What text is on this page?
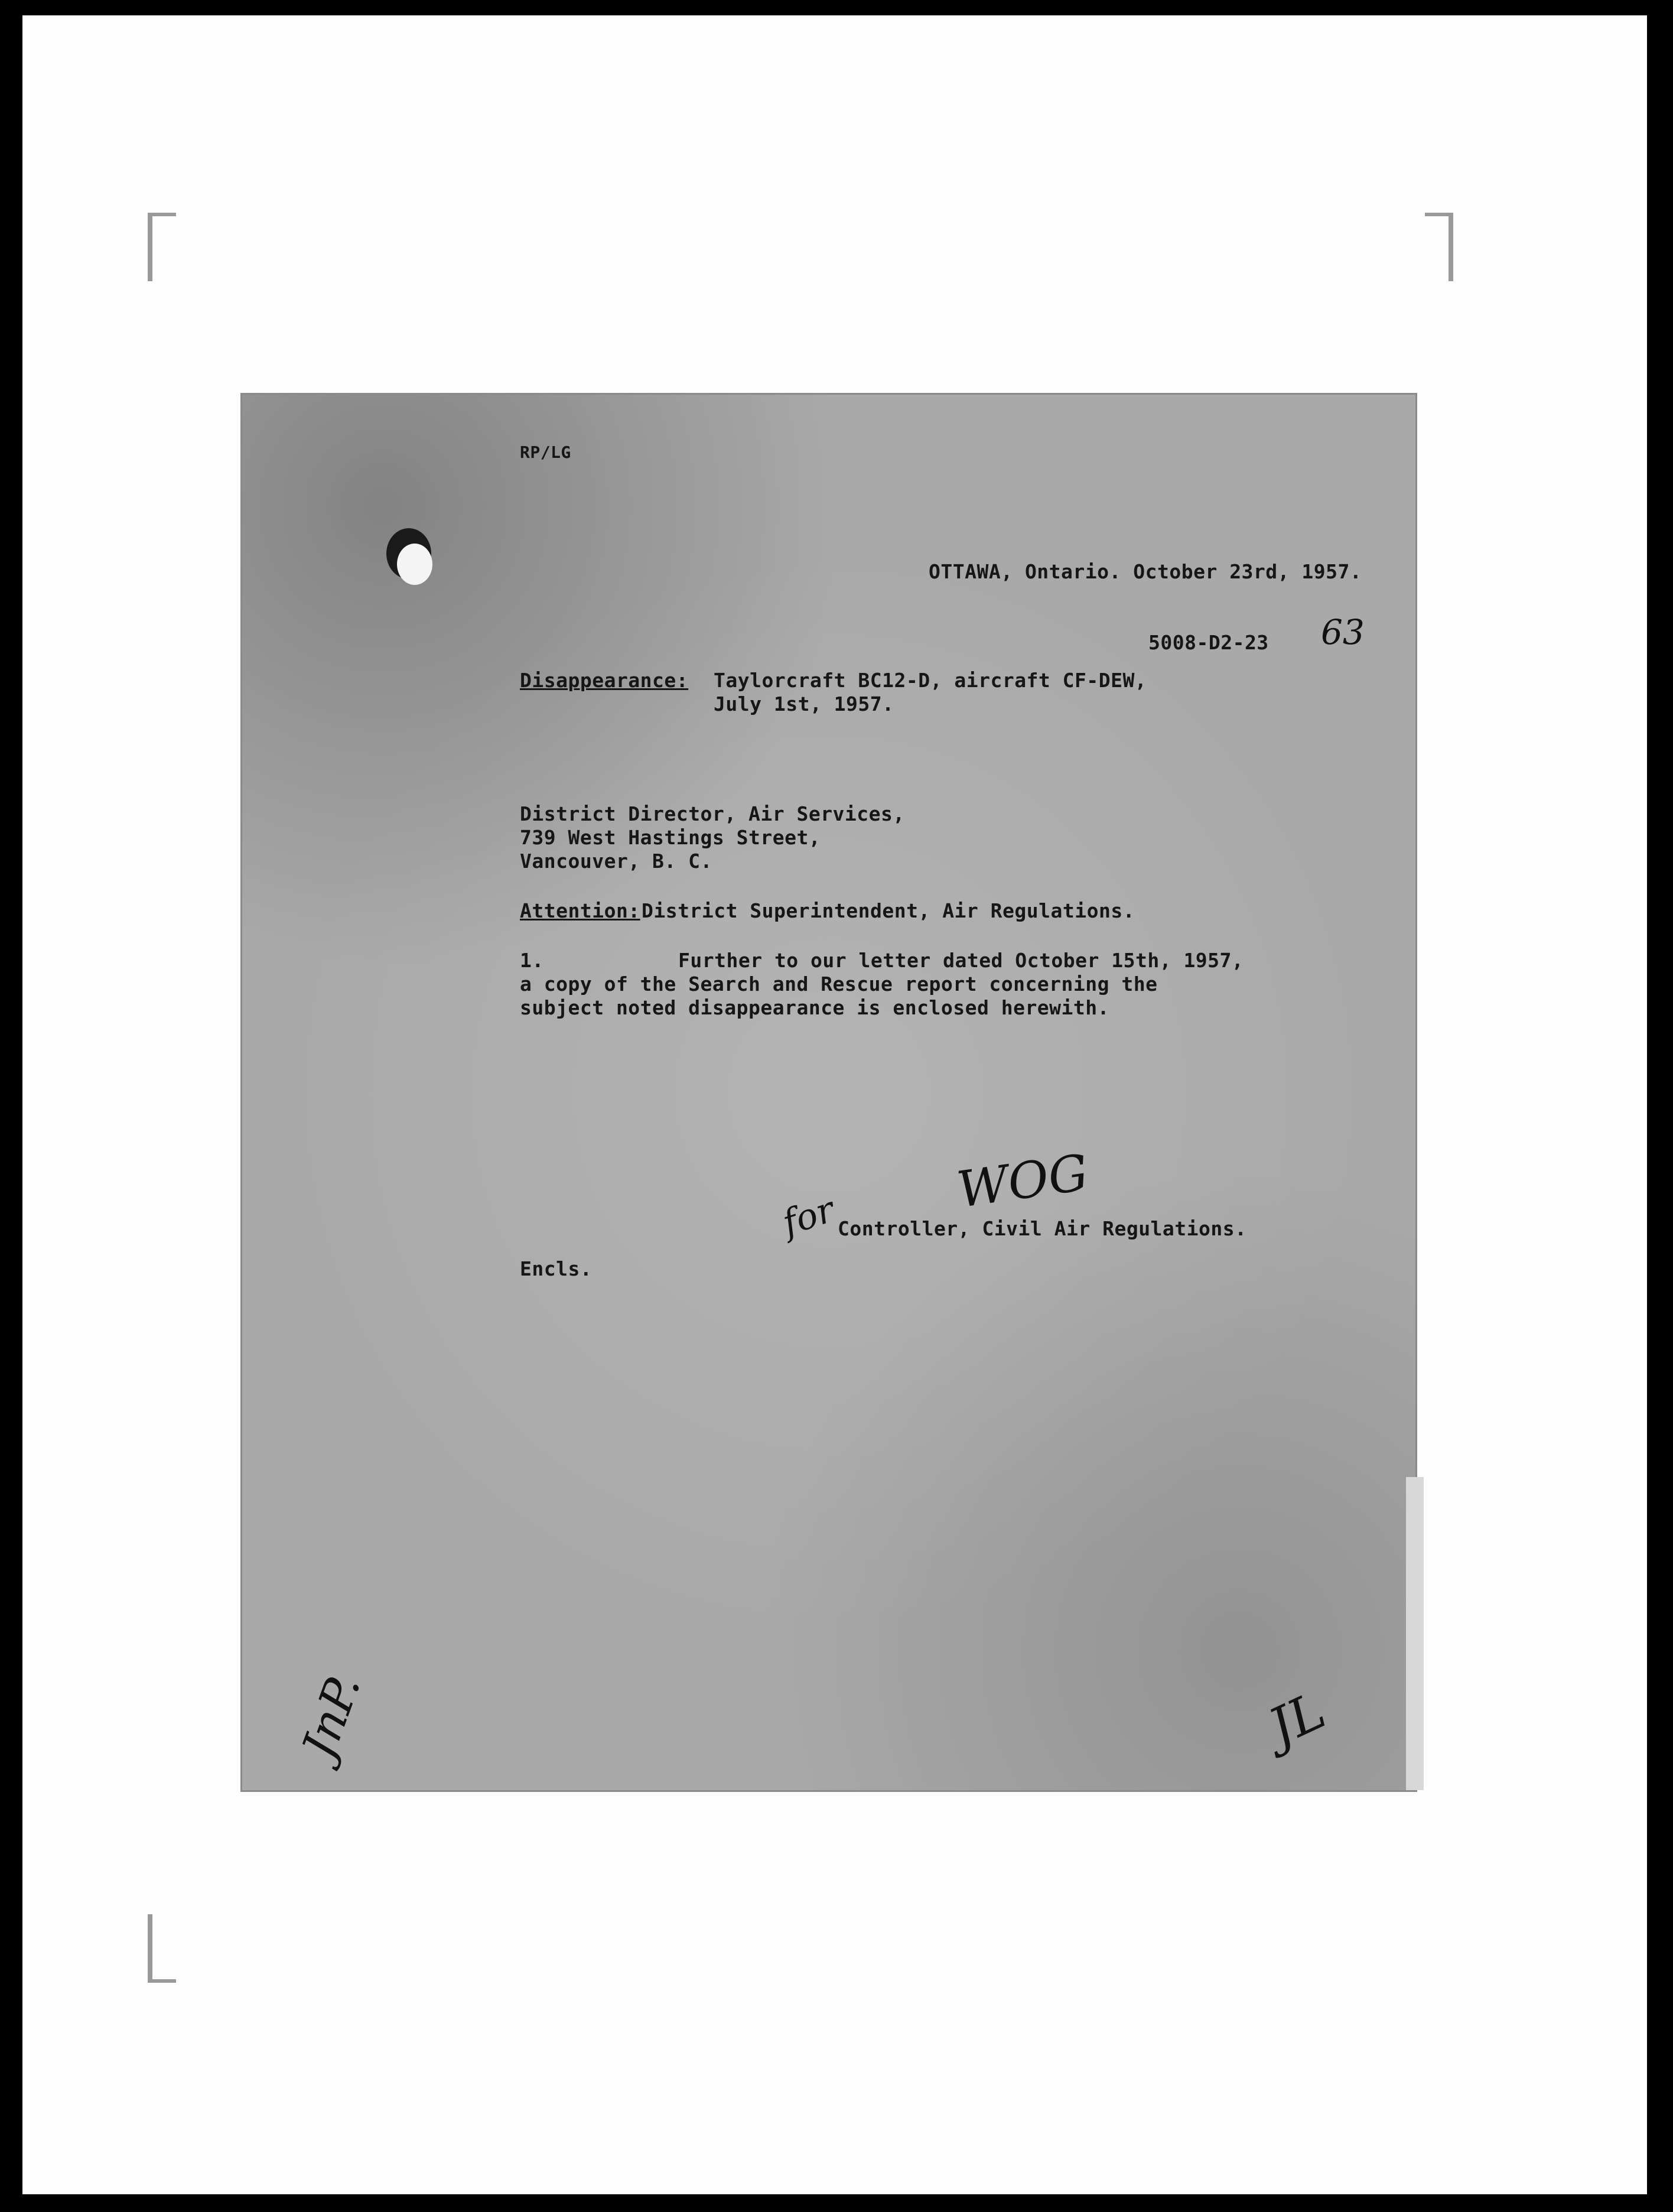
RP/LG
OTTAWA, Ontario. October 23rd, 1957.
5008-D2-23 63
Disappearance: Taylorcraft BC12-D, aircraft CF-DEW,
July 1st, 1957.
District Director, Air Services,
739 West Hastings Street,
Vancouver, B. C.
Attention: District Superintendent, Air Regulations.
1.	Further to our letter dated October 15th, 1957,
a copy of the Search and Rescue report concerning the
subject noted disappearance is enclosed herewith.
for WOG
Controller, Civil Air Regulations.
Encls.
JnP.	JL
